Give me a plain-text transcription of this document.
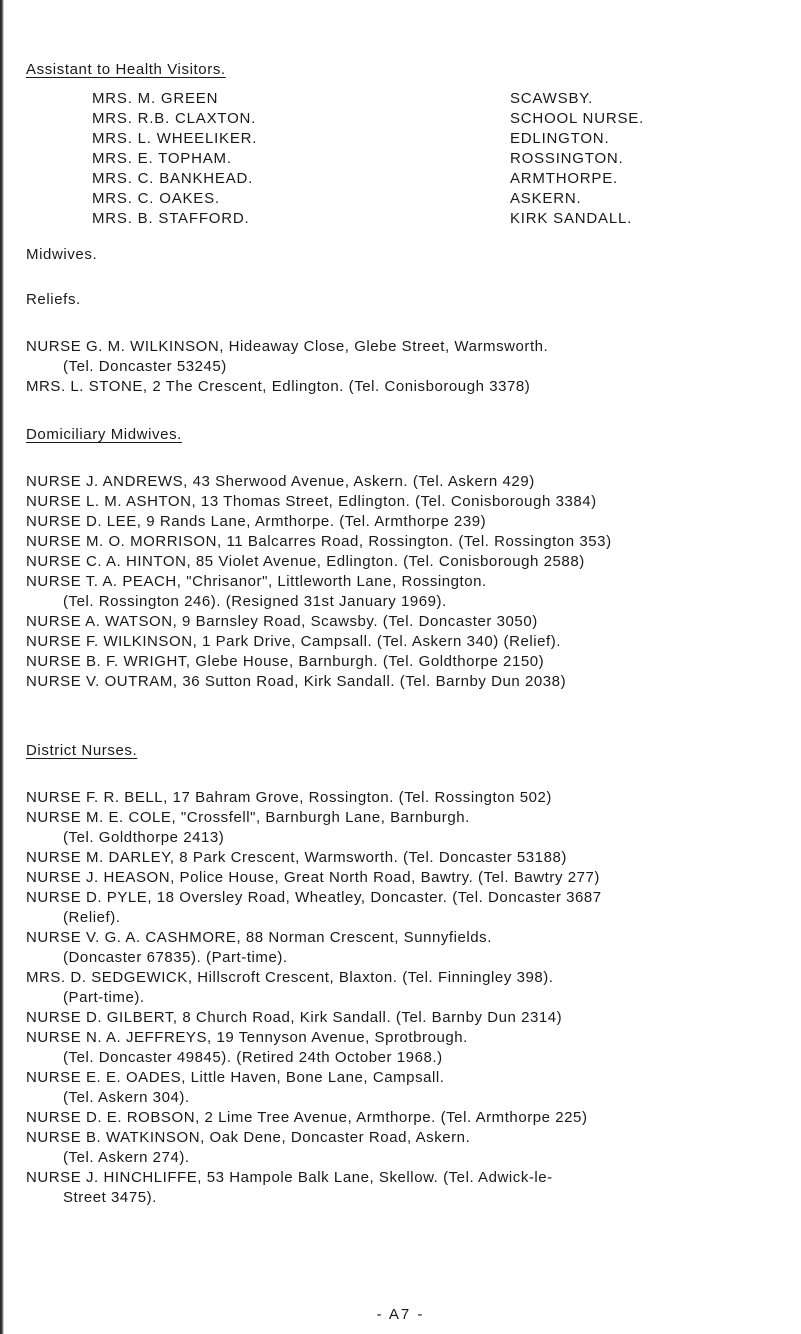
Assistant to Health Visitors.
MRS. M. GREEN	SCAWSBY.
MRS. R.B. CLAXTON.	SCHOOL NURSE.
MRS. L. WHEELIKER.	EDLINGTON.
MRS. E. TOPHAM.	ROSSINGTON.
MRS. C. BANKHEAD.	ARMTHORPE.
MRS. C. OAKES.	ASKERN.
MRS. B. STAFFORD.	KIRK SANDALL.
Midwives.
Reliefs.
NURSE G. M. WILKINSON, Hideaway Close, Glebe Street, Warmsworth.
(Tel. Doncaster 53245)
MRS. L. STONE, 2 The Crescent, Edlington. (Tel. Conisborough 3378)
Domiciliary Midwives.
NURSE J. ANDREWS, 43 Sherwood Avenue, Askern. (Tel. Askern 429)
NURSE L. M. ASHTON, 13 Thomas Street, Edlington. (Tel. Conisborough 3384)
NURSE D. LEE, 9 Rands Lane, Armthorpe. (Tel. Armthorpe 239)
NURSE M. O. MORRISON, 11 Balcarres Road, Rossington. (Tel. Rossington 353)
NURSE C. A. HINTON, 85 Violet Avenue, Edlington. (Tel. Conisborough 2588)
NURSE T. A. PEACH, "Chrisanor", Littleworth Lane, Rossington.
(Tel. Rossington 246). (Resigned 31st January 1969).
NURSE A. WATSON, 9 Barnsley Road, Scawsby. (Tel. Doncaster 3050)
NURSE F. WILKINSON, 1 Park Drive, Campsall. (Tel. Askern 340) (Relief).
NURSE B. F. WRIGHT, Glebe House, Barnburgh. (Tel. Goldthorpe 2150)
NURSE V. OUTRAM, 36 Sutton Road, Kirk Sandall. (Tel. Barnby Dun 2038)
District Nurses.
NURSE F. R. BELL, 17 Bahram Grove, Rossington. (Tel. Rossington 502)
NURSE M. E. COLE, "Crossfell", Barnburgh Lane, Barnburgh.
(Tel. Goldthorpe 2413)
NURSE M. DARLEY, 8 Park Crescent, Warmsworth. (Tel. Doncaster 53188)
NURSE J. HEASON, Police House, Great North Road, Bawtry. (Tel. Bawtry 277)
NURSE D. PYLE, 18 Oversley Road, Wheatley, Doncaster. (Tel. Doncaster 3687
(Relief).
NURSE V. G. A. CASHMORE, 88 Norman Crescent, Sunnyfields.
(Doncaster 67835). (Part-time).
MRS. D. SEDGEWICK, Hillscroft Crescent, Blaxton. (Tel. Finningley 398).
(Part-time).
NURSE D. GILBERT, 8 Church Road, Kirk Sandall. (Tel. Barnby Dun 2314)
NURSE N. A. JEFFREYS, 19 Tennyson Avenue, Sprotbrough.
(Tel. Doncaster 49845). (Retired 24th October 1968.)
NURSE E. E. OADES, Little Haven, Bone Lane, Campsall.
(Tel. Askern 304).
NURSE D. E. ROBSON, 2 Lime Tree Avenue, Armthorpe. (Tel. Armthorpe 225)
NURSE B. WATKINSON, Oak Dene, Doncaster Road, Askern.
(Tel. Askern 274).
NURSE J. HINCHLIFFE, 53 Hampole Balk Lane, Skellow. (Tel. Adwick-le-
Street 3475).
- A7 -
